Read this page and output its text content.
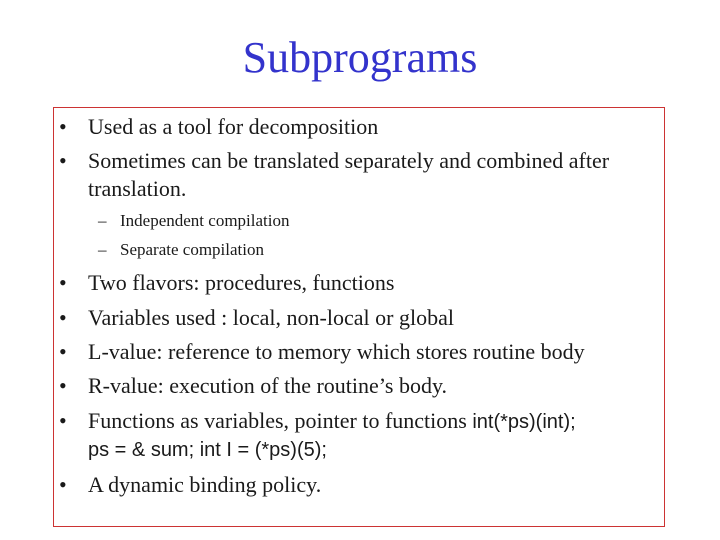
Subprograms
• Used as a tool for decomposition
• Sometimes can be translated separately and combined after
translation.
– Independent compilation
– Separate compilation
• Two flavors: procedures, functions
• Variables used : local, non-local or global
• L-value: reference to memory which stores routine body
• R-value: execution of the routine’s body.
• Functions as variables, pointer to functions int(*ps)(int);
ps = & sum; int I = (*ps)(5);
• A dynamic binding policy.
